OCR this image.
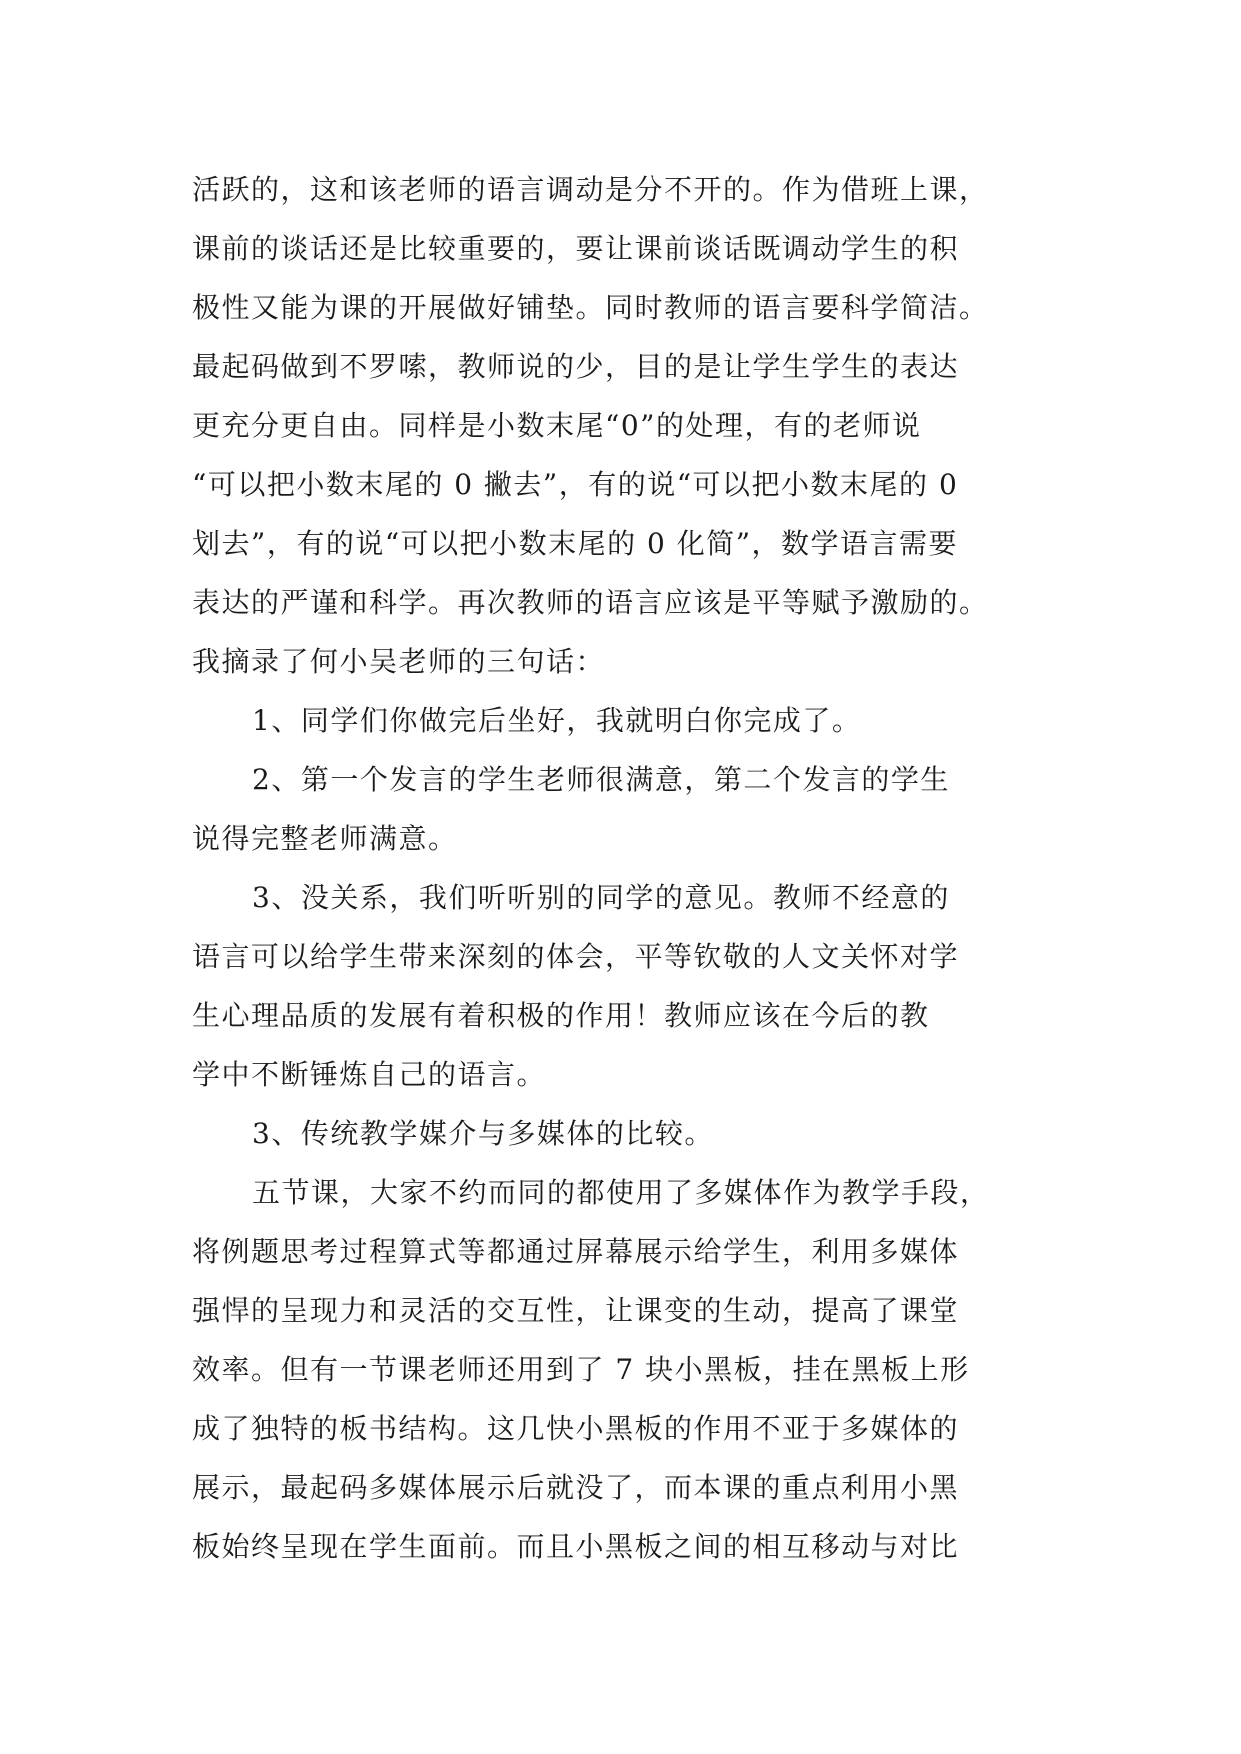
活跃的，这和该老师的语言调动是分不开的。作为借班上课，
课前的谈话还是比较重要的，要让课前谈话既调动学生的积
极性又能为课的开展做好铺垫。同时教师的语言要科学简洁。
最起码做到不罗嗦，教师说的少，目的是让学生学生的表达
更充分更自由。同样是小数末尾“0”的处理，有的老师说
“可以把小数末尾的 0 撇去”，有的说“可以把小数末尾的 0
划去”，有的说“可以把小数末尾的 0 化简”，数学语言需要
表达的严谨和科学。再次教师的语言应该是平等赋予激励的。
我摘录了何小吴老师的三句话：
1、同学们你做完后坐好，我就明白你完成了。
2、第一个发言的学生老师很满意，第二个发言的学生
说得完整老师满意。
3、没关系，我们听听别的同学的意见。教师不经意的
语言可以给学生带来深刻的体会，平等钦敬的人文关怀对学
生心理品质的发展有着积极的作用！教师应该在今后的教
学中不断锤炼自己的语言。
3、传统教学媒介与多媒体的比较。
五节课，大家不约而同的都使用了多媒体作为教学手段，
将例题思考过程算式等都通过屏幕展示给学生，利用多媒体
强悍的呈现力和灵活的交互性，让课变的生动，提高了课堂
效率。但有一节课老师还用到了 7 块小黑板，挂在黑板上形
成了独特的板书结构。这几快小黑板的作用不亚于多媒体的
展示，最起码多媒体展示后就没了，而本课的重点利用小黑
板始终呈现在学生面前。而且小黑板之间的相互移动与对比
